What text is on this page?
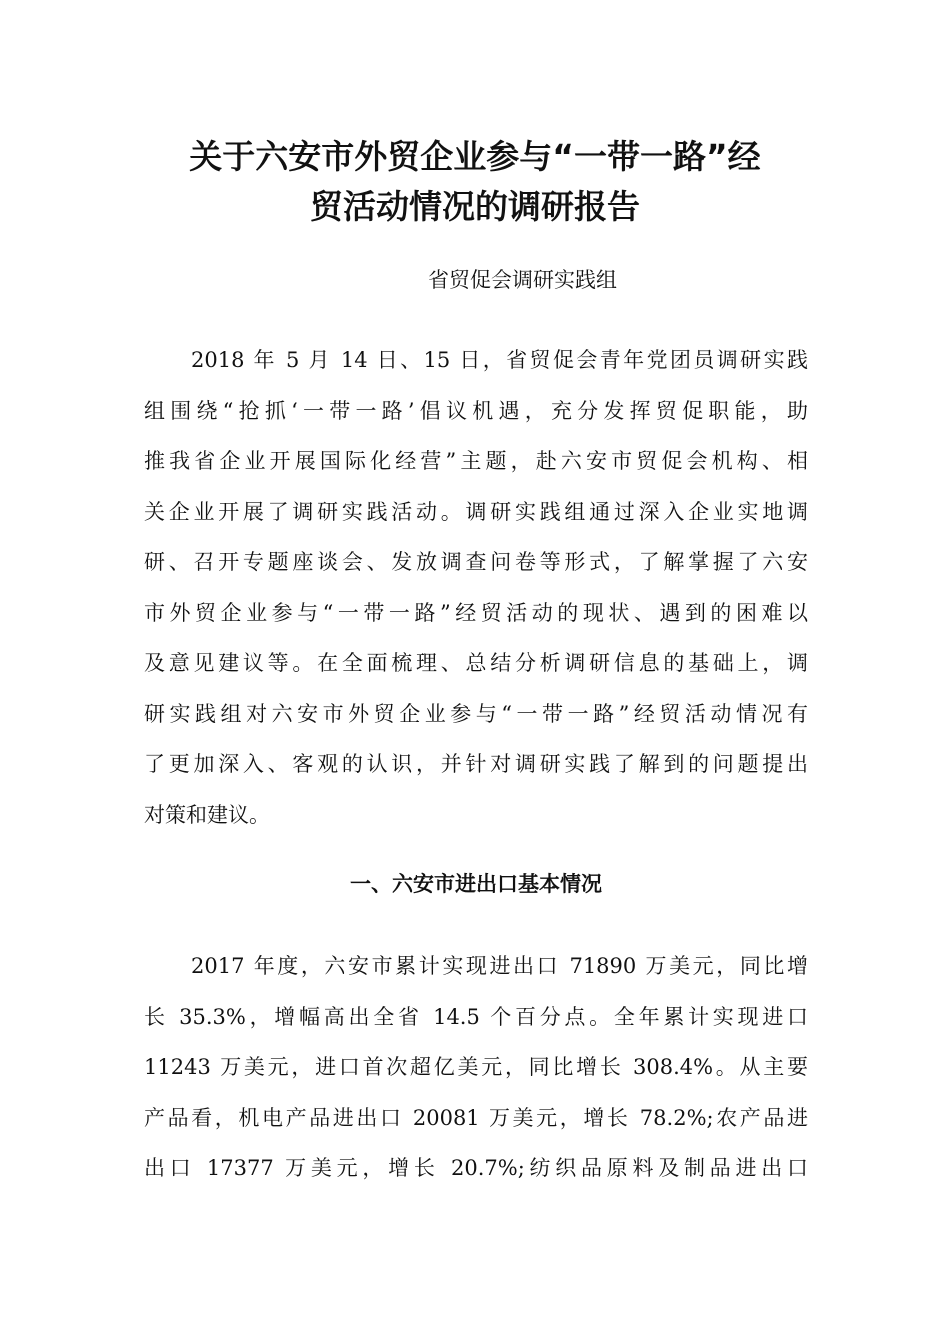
关于六安市外贸企业参与“一带一路”经
贸活动情况的调研报告

省贸促会调研实践组

2018 年 5 月 14 日、15 日，省贸促会青年党团员调研实践
组围绕“抢抓‘一带一路’倡议机遇，充分发挥贸促职能，助
推我省企业开展国际化经营”主题，赴六安市贸促会机构、相
关企业开展了调研实践活动。调研实践组通过深入企业实地调
研、召开专题座谈会、发放调查问卷等形式，了解掌握了六安
市外贸企业参与“一带一路”经贸活动的现状、遇到的困难以
及意见建议等。在全面梳理、总结分析调研信息的基础上，调
研实践组对六安市外贸企业参与“一带一路”经贸活动情况有
了更加深入、客观的认识，并针对调研实践了解到的问题提出
对策和建议。
一、六安市进出口基本情况
2017 年度，六安市累计实现进出口 71890 万美元，同比增
长 35.3%，增幅高出全省 14.5 个百分点。全年累计实现进口
11243 万美元，进口首次超亿美元，同比增长 308.4%。从主要
产品看，机电产品进出口 20081 万美元，增长 78.2%;农产品进
出口 17377 万美元，增长 20.7%;纺织品原料及制品进出口
